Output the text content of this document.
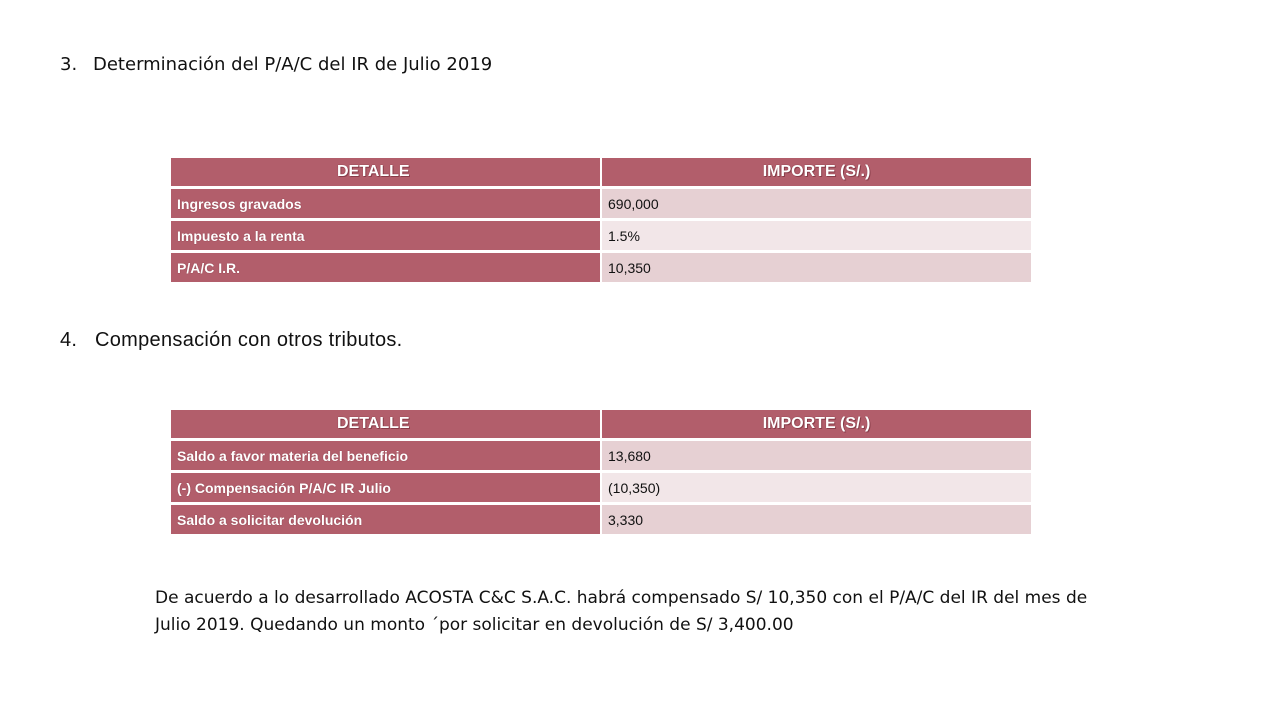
3. Determinación del P/A/C del IR de Julio 2019
DETALLE	IMPORTE (S/.)
Ingresos gravados	690,000
Impuesto a la renta	1.5%
P/A/C I.R.	10,350
4. Compensación con otros tributos.
DETALLE	IMPORTE (S/.)
Saldo a favor materia del beneficio	13,680
(-) Compensación P/A/C IR Julio	(10,350)
Saldo a solicitar devolución	3,330

De acuerdo a lo desarrollado ACOSTA C&C S.A.C. habrá compensado S/ 10,350 con el P/A/C del IR del mes de Julio 2019. Quedando un monto ´por solicitar en devolución de S/ 3,400.00
